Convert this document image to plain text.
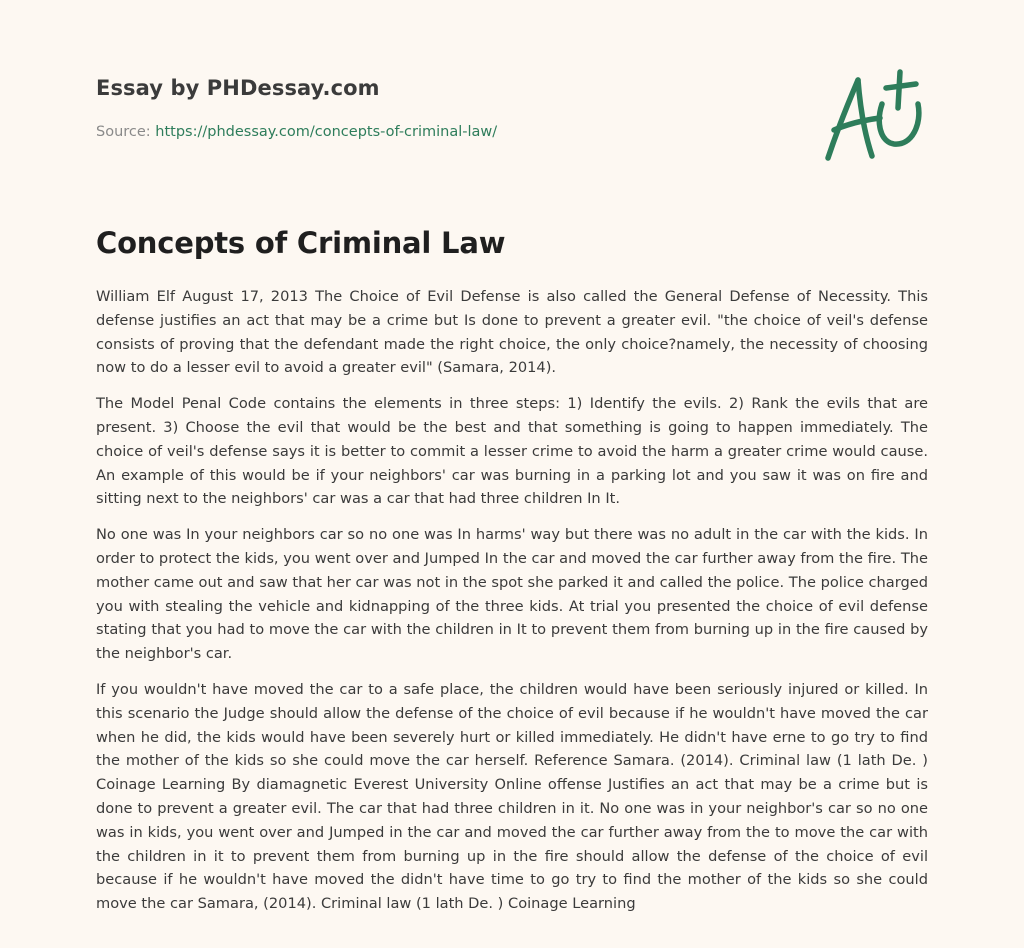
Essay by PHDessay.com
Source: https://phdessay.com/concepts-of-criminal-law/
Concepts of Criminal Law

William Elf August 17, 2013 The Choice of Evil Defense is also called the General Defense of Necessity. This defense justifies an act that may be a crime but Is done to prevent a greater evil. "the choice of veil's defense consists of proving that the defendant made the right choice, the only choice?namely, the necessity of choosing now to do a lesser evil to avoid a greater evil" (Samara, 2014).

The Model Penal Code contains the elements in three steps: 1) Identify the evils. 2) Rank the evils that are present. 3) Choose the evil that would be the best and that something is going to happen immediately. The choice of veil's defense says it is better to commit a lesser crime to avoid the harm a greater crime would cause. An example of this would be if your neighbors' car was burning in a parking lot and you saw it was on fire and sitting next to the neighbors' car was a car that had three children In It.

No one was In your neighbors car so no one was In harms' way but there was no adult in the car with the kids. In order to protect the kids, you went over and Jumped In the car and moved the car further away from the fire. The mother came out and saw that her car was not in the spot she parked it and called the police. The police charged you with stealing the vehicle and kidnapping of the three kids. At trial you presented the choice of evil defense stating that you had to move the car with the children in It to prevent them from burning up in the fire caused by the neighbor's car.

If you wouldn't have moved the car to a safe place, the children would have been seriously injured or killed. In this scenario the Judge should allow the defense of the choice of evil because if he wouldn't have moved the car when he did, the kids would have been severely hurt or killed immediately. He didn't have erne to go try to find the mother of the kids so she could move the car herself. Reference Samara. (2014). Criminal law (1 lath De. ) Coinage Learning By diamagnetic Everest University Online offense Justifies an act that may be a crime but is done to prevent a greater evil. The car that had three children in it. No one was in your neighbor's car so no one was in kids, you went over and Jumped in the car and moved the car further away from the to move the car with the children in it to prevent them from burning up in the fire should allow the defense of the choice of evil because if he wouldn't have moved the didn't have time to go try to find the mother of the kids so she could move the car Samara, (2014). Criminal law (1 lath De. ) Coinage Learning
